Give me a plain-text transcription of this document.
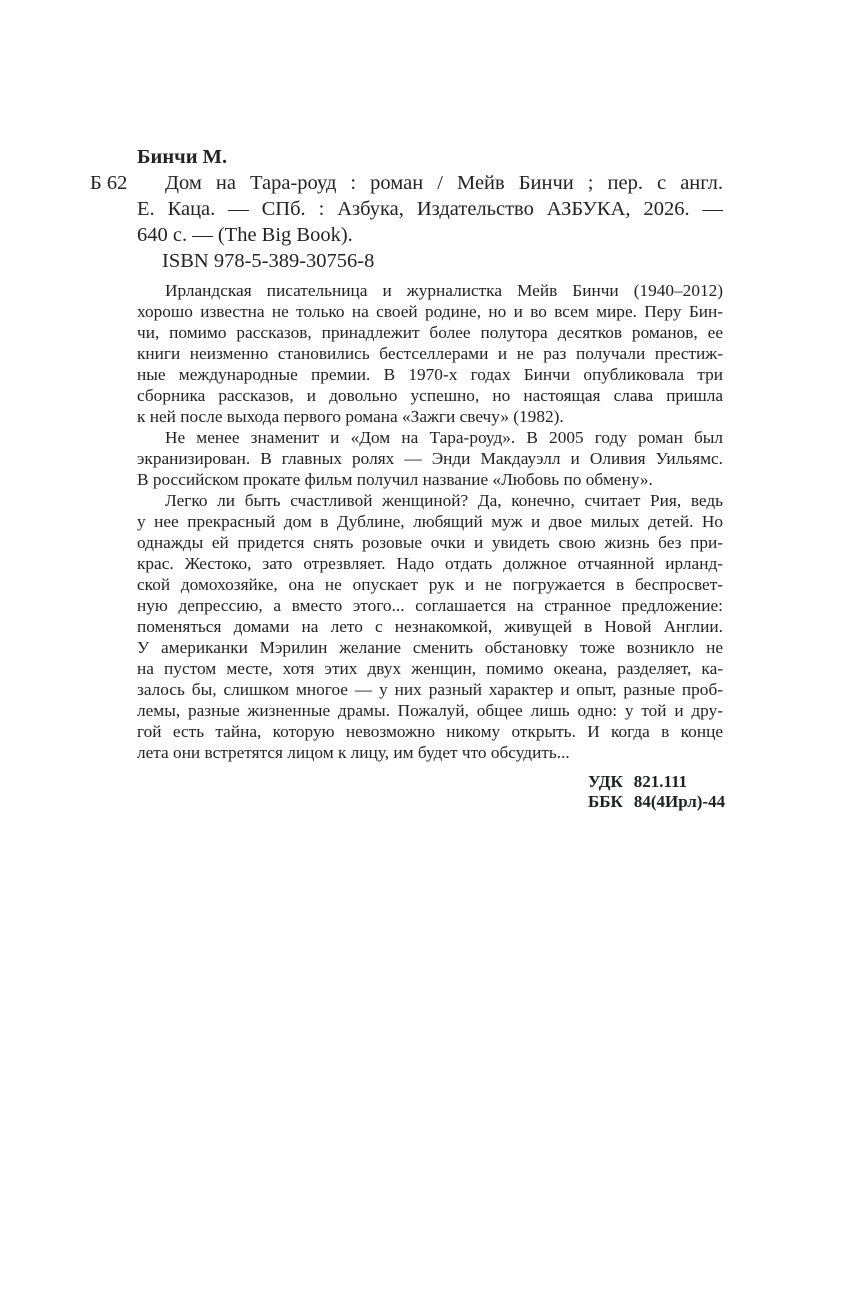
Бинчи М.
Б 62	Дом на Тара-роуд : роман / Мейв Бинчи ; пер. с англ.
Е. Каца. — СПб. : Азбука, Издательство АЗБУКА, 2026. —
640 с. — (The Big Book).
ISBN 978-5-389-30756-8
Ирландская писательница и журналистка Мейв Бинчи (1940–2012)
хорошо известна не только на своей родине, но и во всем мире. Перу Бин-
чи, помимо рассказов, принадлежит более полутора десятков романов, ее
книги неизменно становились бестселлерами и не раз получали престиж-
ные международные премии. В 1970-х годах Бинчи опубликовала три
сборника рассказов, и довольно успешно, но настоящая слава пришла
к ней после выхода первого романа «Зажги свечу» (1982).
Не менее знаменит и «Дом на Тара-роуд». В 2005 году роман был
экранизирован. В главных ролях — Энди Макдауэлл и Оливия Уильямс.
В российском прокате фильм получил название «Любовь по обмену».
Легко ли быть счастливой женщиной? Да, конечно, считает Рия, ведь
у нее прекрасный дом в Дублине, любящий муж и двое милых детей. Но
однажды ей придется снять розовые очки и увидеть свою жизнь без при-
крас. Жестоко, зато отрезвляет. Надо отдать должное отчаянной ирланд-
ской домохозяйке, она не опускает рук и не погружается в беспросвет-
ную депрессию, а вместо этого... соглашается на странное предложение:
поменяться домами на лето с незнакомкой, живущей в Новой Англии.
У американки Мэрилин желание сменить обстановку тоже возникло не
на пустом месте, хотя этих двух женщин, помимо океана, разделяет, ка-
залось бы, слишком многое — у них разный характер и опыт, разные проб-
лемы, разные жизненные драмы. Пожалуй, общее лишь одно: у той и дру-
гой есть тайна, которую невозможно никому открыть. И когда в конце
лета они встретятся лицом к лицу, им будет что обсудить...
УДК 821.111
ББК 84(4Ирл)-44
